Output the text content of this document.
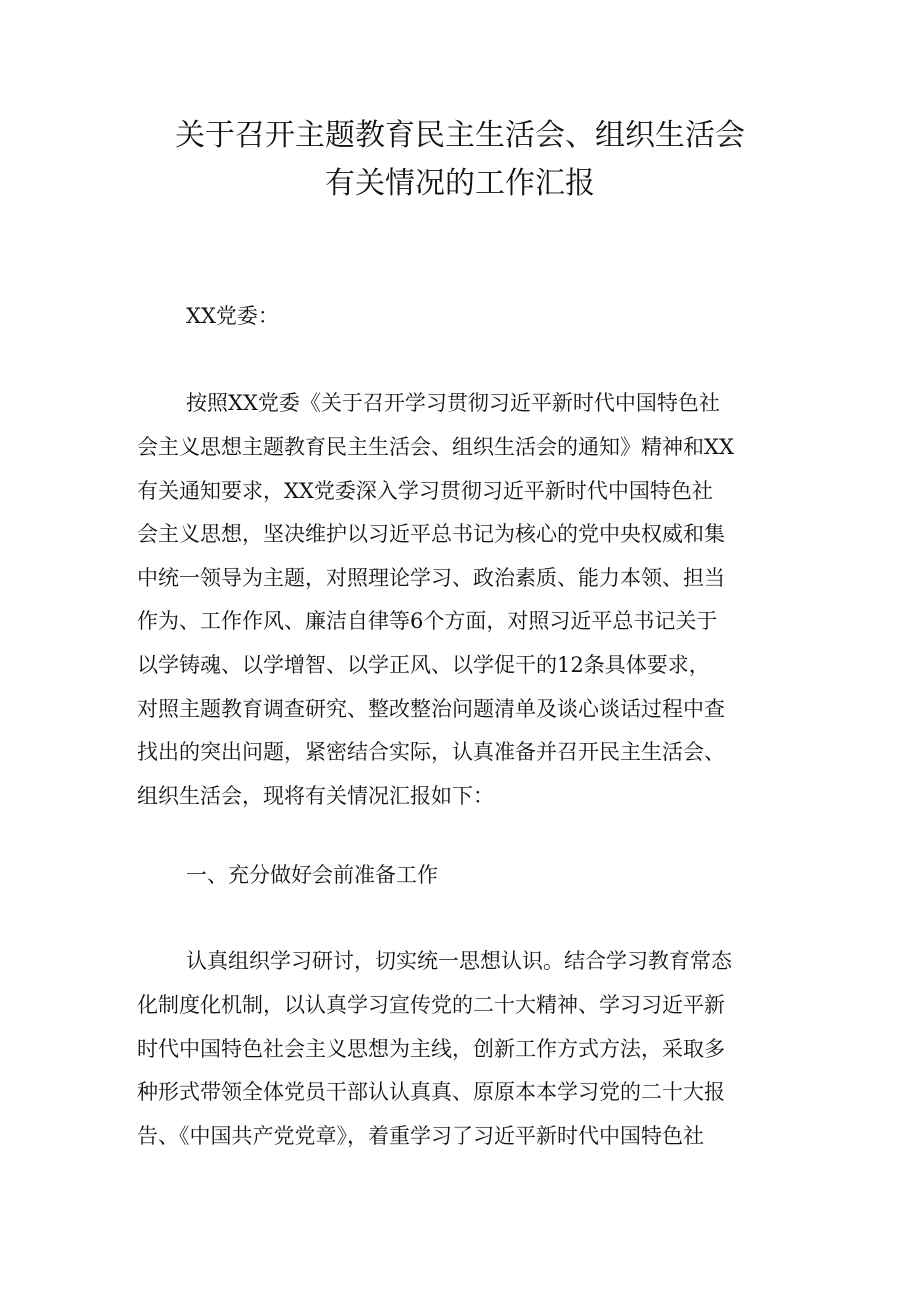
关于召开主题教育民主生活会、组织生活会
有关情况的工作汇报
XX党委：
按照XX党委《关于召开学习贯彻习近平新时代中国特色社
会主义思想主题教育民主生活会、组织生活会的通知》精神和XX
有关通知要求，XX党委深入学习贯彻习近平新时代中国特色社
会主义思想，坚决维护以习近平总书记为核心的党中央权威和集
中统一领导为主题，对照理论学习、政治素质、能力本领、担当
作为、工作作风、廉洁自律等6个方面，对照习近平总书记关于
以学铸魂、以学增智、以学正风、以学促干的12条具体要求，
对照主题教育调查研究、整改整治问题清单及谈心谈话过程中查
找出的突出问题，紧密结合实际，认真准备并召开民主生活会、
组织生活会，现将有关情况汇报如下：
一、充分做好会前准备工作
认真组织学习研讨，切实统一思想认识。结合学习教育常态
化制度化机制，以认真学习宣传党的二十大精神、学习习近平新
时代中国特色社会主义思想为主线，创新工作方式方法，采取多
种形式带领全体党员干部认认真真、原原本本学习党的二十大报
告、《中国共产党党章》，着重学习了习近平新时代中国特色社
